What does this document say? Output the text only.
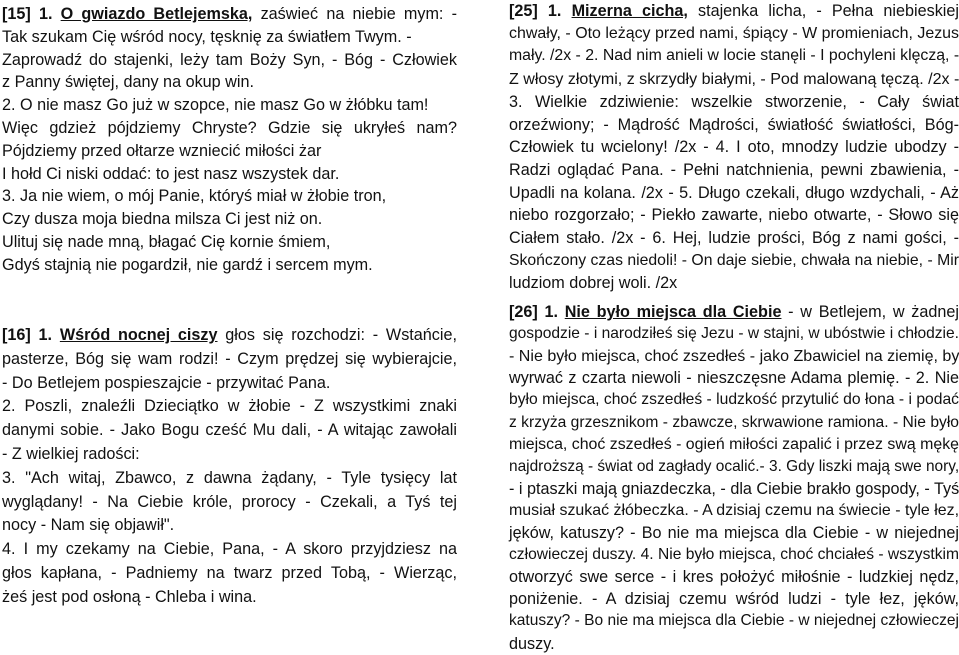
[15] 1. O gwiazdo Betlejemska, zaświeć na niebie mym: -
Tak szukam Cię wśród nocy, tęsknię za światłem Twym. -
Zaprowadź do stajenki, leży tam Boży Syn, - Bóg - Człowiek
z Panny świętej, dany na okup win.
2. O nie masz Go już w szopce, nie masz Go w żłóbku tam!
Więc gdzież pójdziemy Chryste? Gdzie się ukryłeś nam?
Pójdziemy przed ołtarze wzniecić miłości żar
I hołd Ci niski oddać: to jest nasz wszystek dar.
3. Ja nie wiem, o mój Panie, któryś miał w żłobie tron,
Czy dusza moja biedna milsza Ci jest niż on.
Ulituj się nade mną, błagać Cię kornie śmiem,
Gdyś stajnią nie pogardził, nie gardź i sercem mym.
[16] 1. Wśród nocnej ciszy głos się rozchodzi: - Wstańcie,
pasterze, Bóg się wam rodzi! - Czym prędzej się wybierajcie,
- Do Betlejem pospieszajcie - przywitać Pana.
2. Poszli, znaleźli Dzieciątko w żłobie - Z wszystkimi znaki
danymi sobie. - Jako Bogu cześć Mu dali, - A witając zawołali
- Z wielkiej radości:
3. "Ach witaj, Zbawco, z dawna żądany, - Tyle tysięcy lat
wyglądany! - Na Ciebie króle, prorocy - Czekali, a Tyś tej
nocy - Nam się objawił".
4. I my czekamy na Ciebie, Pana, - A skoro przyjdziesz na
głos kapłana, - Padniemy na twarz przed Tobą, - Wierząc,
żeś jest pod osłoną - Chleba i wina.
[25] 1. Mizerna cicha, stajenka licha, - Pełna niebieskiej
chwały, - Oto leżący przed nami, śpiący - W promieniach, Jezus
mały. /2x - 2. Nad nim anieli w locie stanęli - I pochyleni klęczą, -
Z włosy złotymi, z skrzydły białymi, - Pod malowaną tęczą. /2x -
3. Wielkie zdziwienie: wszelkie stworzenie, - Cały świat
orzeźwiony; - Mądrość Mądrości, światłość światłości, Bóg-
Człowiek tu wcielony! /2x - 4. I oto, mnodzy ludzie ubodzy -
Radzi oglądać Pana. - Pełni natchnienia, pewni zbawienia, -
Upadli na kolana. /2x - 5. Długo czekali, długo wzdychali, - Aż
niebo rozgorzało; - Piekło zawarte, niebo otwarte, - Słowo się
Ciałem stało. /2x - 6. Hej, ludzie prości, Bóg z nami gości, -
Skończony czas niedoli! - On daje siebie, chwała na niebie, - Mir
ludziom dobrej woli. /2x
[26] 1. Nie było miejsca dla Ciebie - w Betlejem, w żadnej
gospodzie - i narodziłeś się Jezu - w stajni, w ubóstwie i chłodzie.
- Nie było miejsca, choć zszedłeś - jako Zbawiciel na ziemię, by
wyrwać z czarta niewoli - nieszczęsne Adama plemię. - 2. Nie
było miejsca, choć zszedłeś - ludzkość przytulić do łona - i podać
z krzyża grzesznikom - zbawcze, skrwawione ramiona. - Nie było
miejsca, choć zszedłeś - ogień miłości zapalić i przez swą mękę
najdroższą - świat od zagłady ocalić.- 3. Gdy liszki mają swe nory,
- i ptaszki mają gniazdeczka, - dla Ciebie brakło gospody, - Tyś
musiał szukać żłóbeczka. - A dzisiaj czemu na świecie - tyle łez,
jęków, katuszy? - Bo nie ma miejsca dla Ciebie - w niejednej
człowieczej duszy. 4. Nie było miejsca, choć chciałeś - wszystkim
otworzyć swe serce - i kres położyć miłośnie - ludzkiej nędz,
poniżenie. - A dzisiaj czemu wśród ludzi - tyle łez, jęków,
katuszy? - Bo nie ma miejsca dla Ciebie - w niejednej człowieczej
duszy.
